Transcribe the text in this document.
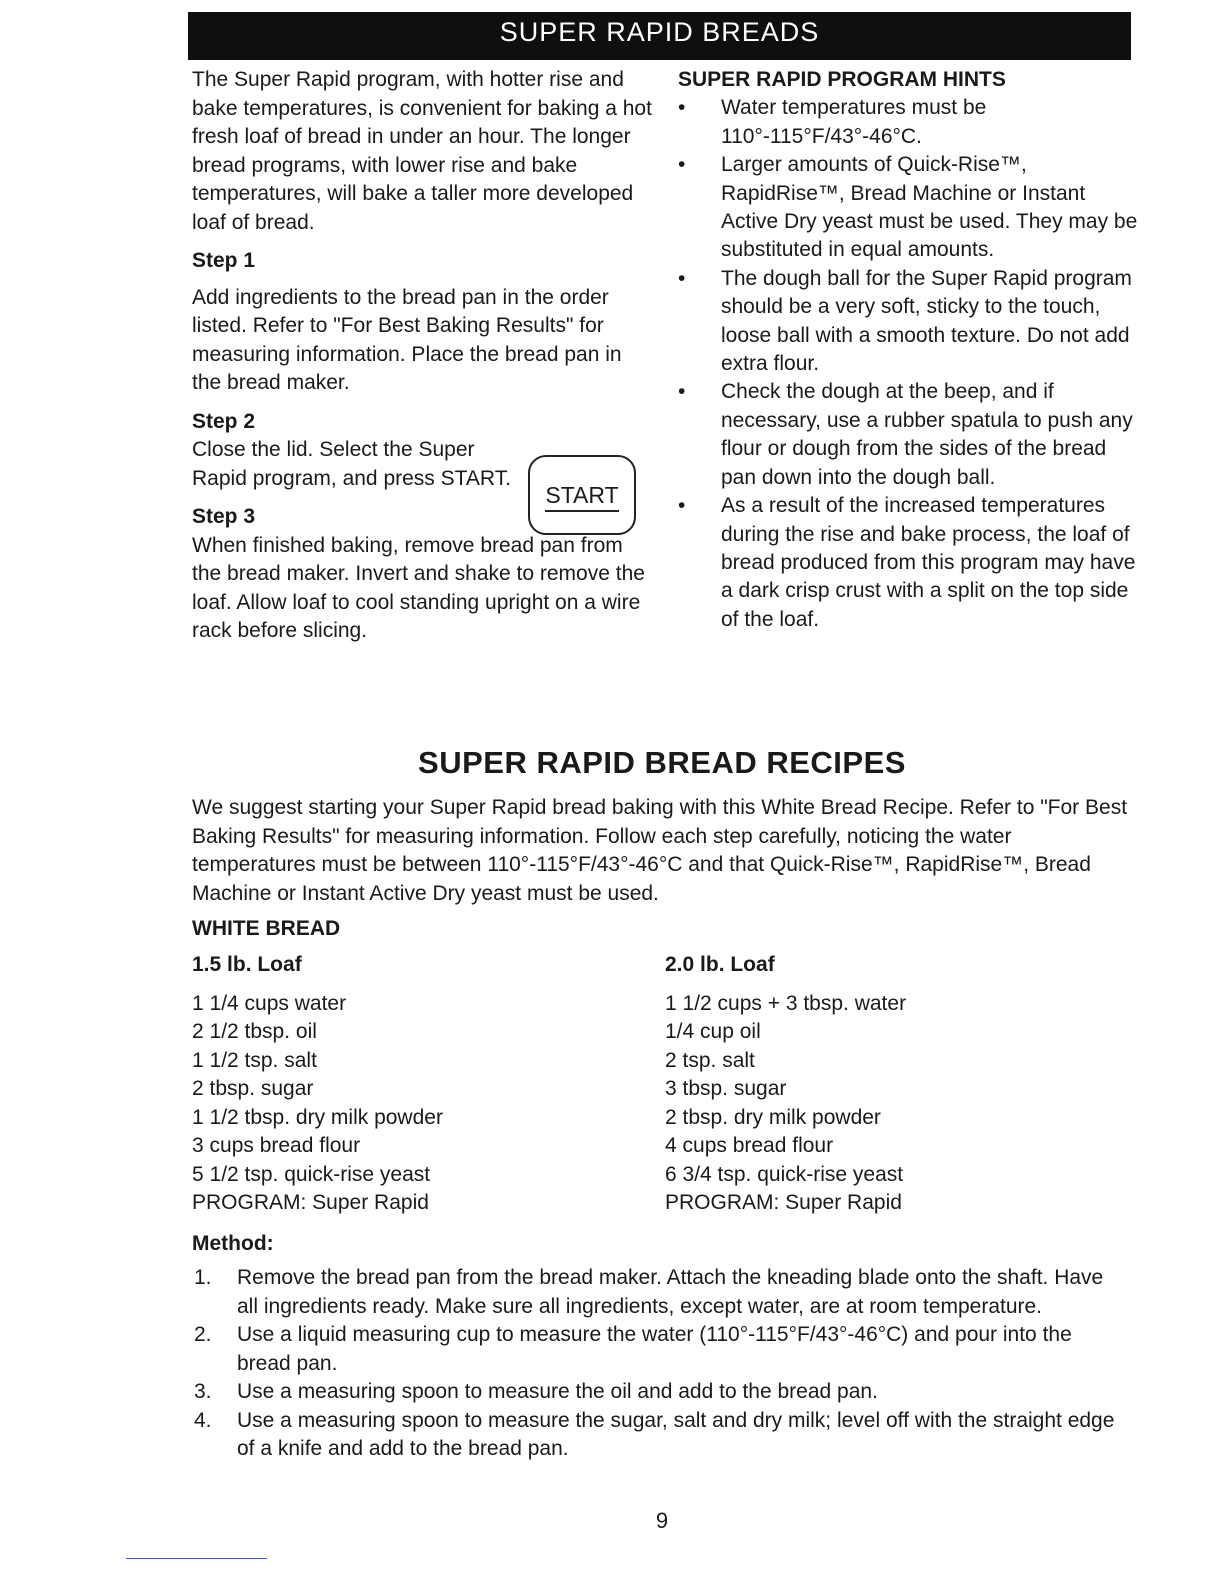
SUPER RAPID BREADS

The Super Rapid program, with hotter rise and bake temperatures, is convenient for baking a hot fresh loaf of bread in under an hour. The longer bread programs, with lower rise and bake temperatures, will bake a taller more developed loaf of bread.

Step 1

Add ingredients to the bread pan in the order listed. Refer to "For Best Baking Results" for measuring information. Place the bread pan in the bread maker.

Step 2

Close the lid. Select the Super Rapid program, and press START.

Step 3

When finished baking, remove bread pan from the bread maker. Invert and shake to remove the loaf. Allow loaf to cool standing upright on a wire rack before slicing.

START
SUPER RAPID PROGRAM HINTS
• Water temperatures must be 110°-115°F/43°-46°C.
• Larger amounts of Quick-Rise™, RapidRise™, Bread Machine or Instant Active Dry yeast must be used. They may be substituted in equal amounts.
• The dough ball for the Super Rapid program should be a very soft, sticky to the touch, loose ball with a smooth texture. Do not add extra flour.
• Check the dough at the beep, and if necessary, use a rubber spatula to push any flour or dough from the sides of the bread pan down into the dough ball.
• As a result of the increased temperatures during the rise and bake process, the loaf of bread produced from this program may have a dark crisp crust with a split on the top side of the loaf.
SUPER RAPID BREAD RECIPES

We suggest starting your Super Rapid bread baking with this White Bread Recipe. Refer to "For Best Baking Results" for measuring information. Follow each step carefully, noticing the water temperatures must be between 110°-115°F/43°-46°C and that Quick-Rise™, RapidRise™, Bread Machine or Instant Active Dry yeast must be used.

WHITE BREAD
1.5 lb. Loaf
1 1/4 cups water
2 1/2 tbsp. oil
1 1/2 tsp. salt
2 tbsp. sugar
1 1/2 tbsp. dry milk powder
3 cups bread flour
5 1/2 tsp. quick-rise yeast
PROGRAM: Super Rapid
2.0 lb. Loaf
1 1/2 cups + 3 tbsp. water
1/4 cup oil
2 tsp. salt
3 tbsp. sugar
2 tbsp. dry milk powder
4 cups bread flour
6 3/4 tsp. quick-rise yeast
PROGRAM: Super Rapid
Method:
1. Remove the bread pan from the bread maker. Attach the kneading blade onto the shaft. Have all ingredients ready. Make sure all ingredients, except water, are at room temperature.
2. Use a liquid measuring cup to measure the water (110°-115°F/43°-46°C) and pour into the bread pan.
3. Use a measuring spoon to measure the oil and add to the bread pan.
4. Use a measuring spoon to measure the sugar, salt and dry milk; level off with the straight edge of a knife and add to the bread pan.
9
